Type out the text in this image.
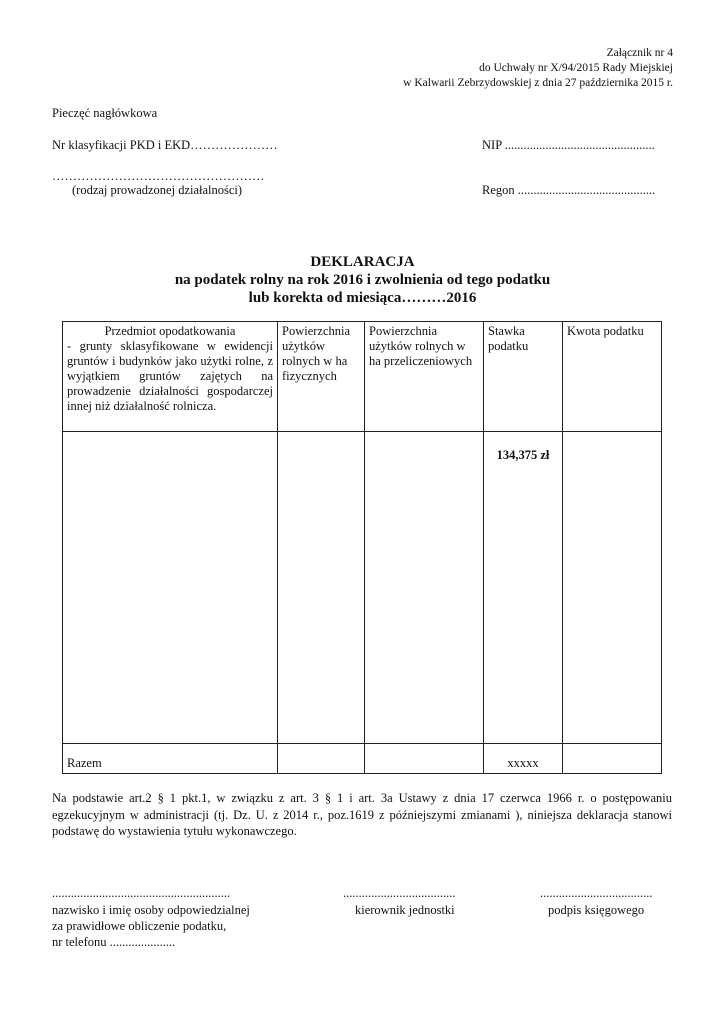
Załącznik nr 4
do Uchwały nr X/94/2015 Rady Miejskiej
w Kalwarii Zebrzydowskiej z dnia 27 października 2015 r.
Pieczęć nagłówkowa
Nr klasyfikacji PKD i EKD…………………	NIP ................................................
……………………………………………
(rodzaj prowadzonej działalności)	Regon ............................................
DEKLARACJA
na podatek rolny na rok 2016 i zwolnienia od tego podatku
lub korekta od miesiąca………2016
Przedmiot opodatkowania
- grunty sklasyfikowane w ewidencji gruntów i budynków jako użytki rolne, z wyjątkiem gruntów zajętych na prowadzenie działalności gospodarczej innej niż działalność rolnicza.	Powierzchnia użytków rolnych w ha fizycznych	Powierzchnia użytków rolnych w ha przeliczeniowych	Stawka podatku	Kwota podatku
			134,375 zł	
Razem			xxxxx	
Na podstawie art.2 § 1 pkt.1, w związku z art. 3 § 1 i art. 3a Ustawy z dnia 17 czerwca 1966 r. o postępowaniu egzekucyjnym w administracji (tj. Dz. U. z 2014 r., poz.1619 z późniejszymi zmianami ), niniejsza deklaracja stanowi podstawę do wystawienia tytułu wykonawczego.
.........................................................
nazwisko i imię osoby odpowiedzialnej
za prawidłowe obliczenie podatku,
nr telefonu .....................
....................................
kierownik jednostki
....................................
podpis księgowego
